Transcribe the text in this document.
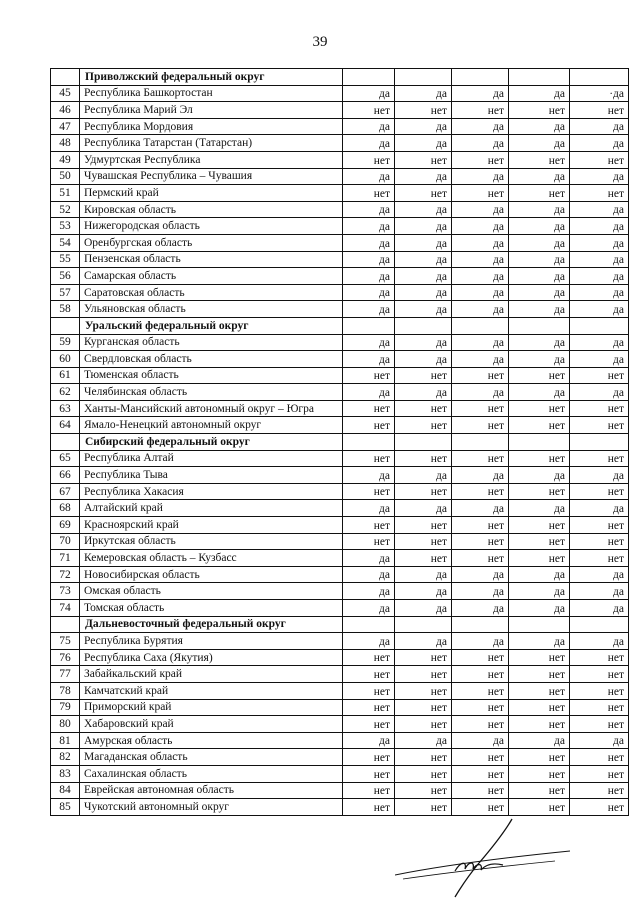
39
	Приволжский федеральный округ					
45	Республика Башкортостан	да	да	да	да	·да
46	Республика Марий Эл	нет	нет	нет	нет	нет
47	Республика Мордовия	да	да	да	да	да
48	Республика Татарстан (Татарстан)	да	да	да	да	да
49	Удмуртская Республика	нет	нет	нет	нет	нет
50	Чувашская Республика – Чувашия	да	да	да	да	да
51	Пермский край	нет	нет	нет	нет	нет
52	Кировская область	да	да	да	да	да
53	Нижегородская область	да	да	да	да	да
54	Оренбургская область	да	да	да	да	да
55	Пензенская область	да	да	да	да	да
56	Самарская область	да	да	да	да	да
57	Саратовская область	да	да	да	да	да
58	Ульяновская область	да	да	да	да	да
	Уральский федеральный округ					
59	Курганская область	да	да	да	да	да
60	Свердловская область	да	да	да	да	да
61	Тюменская область	нет	нет	нет	нет	нет
62	Челябинская область	да	да	да	да	да
63	Ханты-Мансийский автономный округ – Югра	нет	нет	нет	нет	нет
64	Ямало-Ненецкий автономный округ	нет	нет	нет	нет	нет
	Сибирский федеральный округ					
65	Республика Алтай	нет	нет	нет	нет	нет
66	Республика Тыва	да	да	да	да	да
67	Республика Хакасия	нет	нет	нет	нет	нет
68	Алтайский край	да	да	да	да	да
69	Красноярский край	нет	нет	нет	нет	нет
70	Иркутская область	нет	нет	нет	нет	нет
71	Кемеровская область – Кузбасс	да	нет	нет	нет	нет
72	Новосибирская область	да	да	да	да	да
73	Омская область	да	да	да	да	да
74	Томская область	да	да	да	да	да
	Дальневосточный федеральный округ					
75	Республика Бурятия	да	да	да	да	да
76	Республика Саха (Якутия)	нет	нет	нет	нет	нет
77	Забайкальский край	нет	нет	нет	нет	нет
78	Камчатский край	нет	нет	нет	нет	нет
79	Приморский край	нет	нет	нет	нет	нет
80	Хабаровский край	нет	нет	нет	нет	нет
81	Амурская область	да	да	да	да	да
82	Магаданская область	нет	нет	нет	нет	нет
83	Сахалинская область	нет	нет	нет	нет	нет
84	Еврейская автономная область	нет	нет	нет	нет	нет
85	Чукотский автономный округ	нет	нет	нет	нет	нет
